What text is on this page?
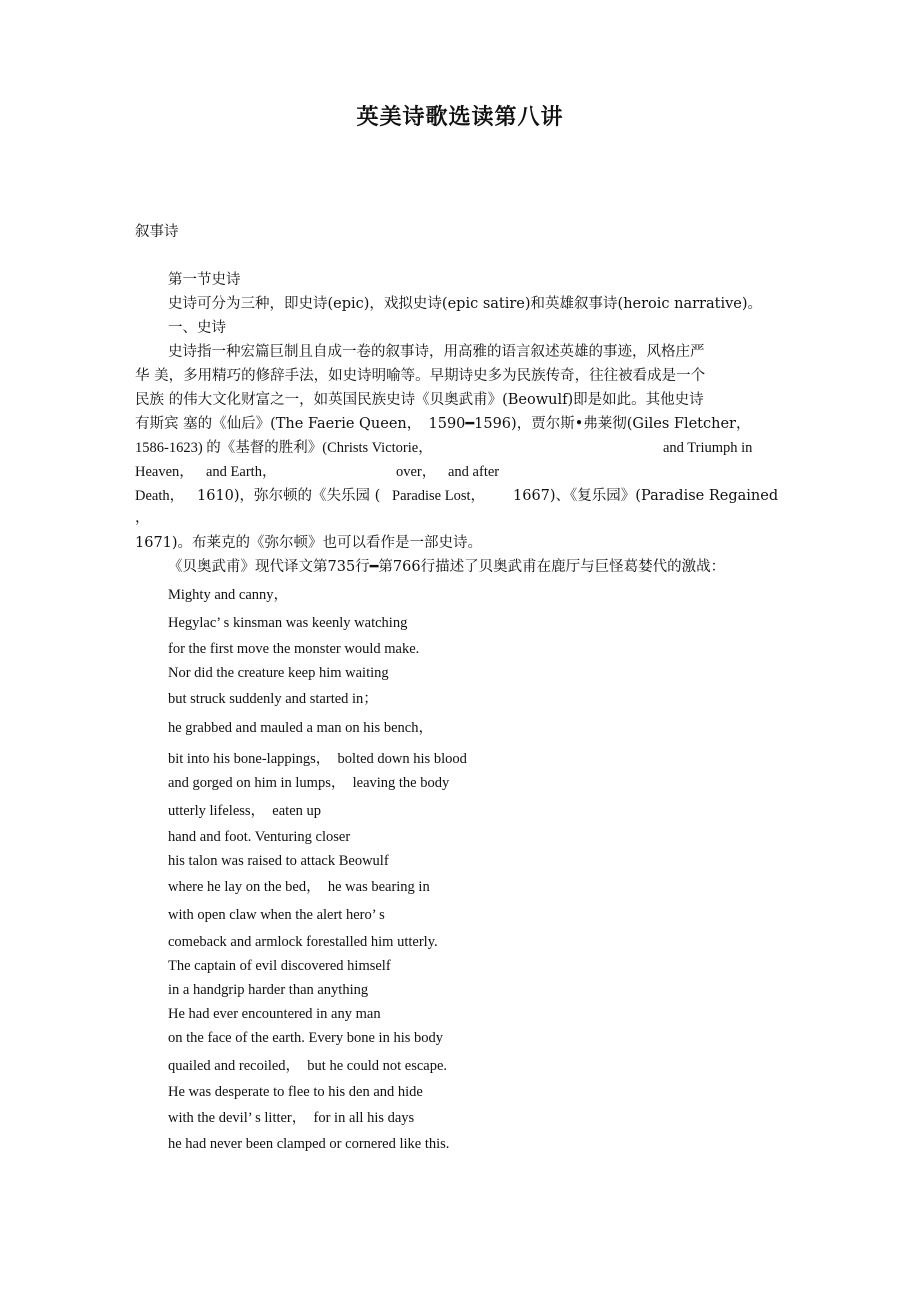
英美诗歌选读第八讲
叙事诗
第一节史诗
史诗可分为三种，即史诗(epic)，戏拟史诗(epic satire)和英雄叙事诗(heroic narrative)。
一、史诗
史诗指一种宏篇巨制且自成一卷的叙事诗，用高雅的语言叙述英雄的事迹，风格庄严
华 美，多用精巧的修辞手法，如史诗明喻等。早期诗史多为民族传奇，往往被看成是一个
民族 的伟大文化财富之一，如英国民族史诗《贝奥武甫》(Beowulf)即是如此。其他史诗
有斯宾 塞的《仙后》(The Faerie Queen，　1590━1596)，贾尔斯•弗莱彻(Giles Fletcher，
1586-1623) 的《基督的胜利》(Christs Victorie，	and Triumph in
Heaven， and Earth，	over， and after
Death， 1610)，弥尔顿的《失乐园 ( Paradise Lost， 1667)、《复乐园》(Paradise Regained
，
1671)。布莱克的《弥尔顿》也可以看作是一部史诗。
《贝奥武甫》现代译文第735行━第766行描述了贝奥武甫在鹿厅与巨怪葛婪代的激战：
Mighty and canny，
Hegylac’ s kinsman was keenly watching
for the first move the monster would make.
Nor did the creature keep him waiting
but struck suddenly and started in；
he grabbed and mauled a man on his bench，
bit into his bone-lappings，　bolted down his blood
and gorged on him in lumps，　leaving the body
utterly lifeless，　eaten up
hand and foot. Venturing closer
his talon was raised to attack Beowulf
where he lay on the bed，　he was bearing in
with open claw when the alert hero’ s
comeback and armlock forestalled him utterly.
The captain of evil discovered himself
in a handgrip harder than anything
He had ever encountered in any man
on the face of the earth. Every bone in his body
quailed and recoiled，　but he could not escape.
He was desperate to flee to his den and hide
with the devil’ s litter，　for in all his days
he had never been clamped or cornered like this.
